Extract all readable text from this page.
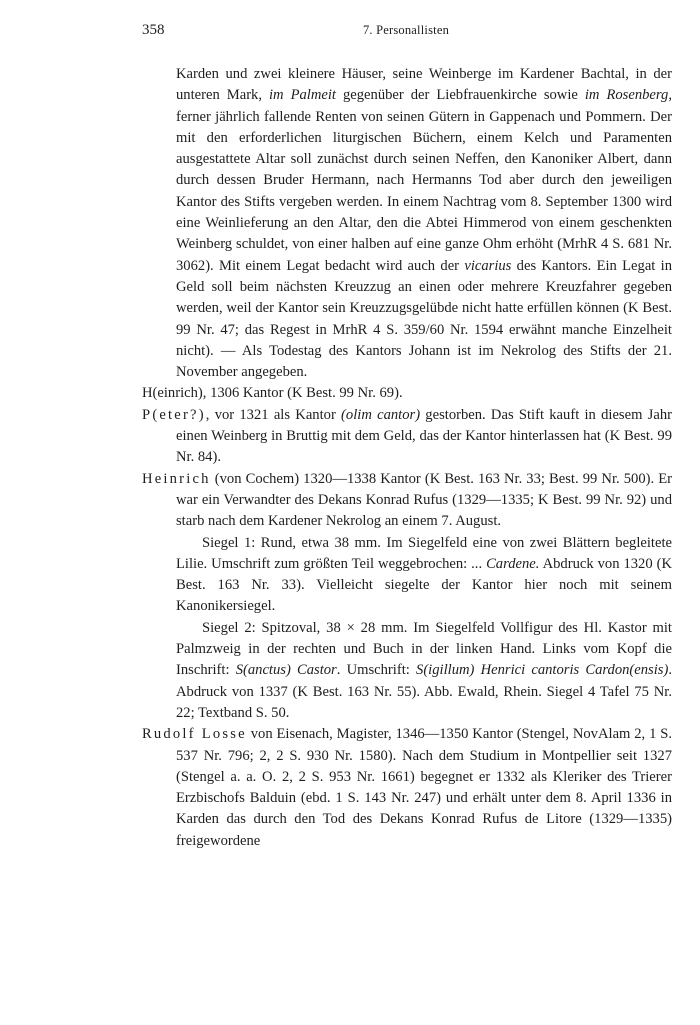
358	7. Personallisten

Karden und zwei kleinere Häuser, seine Weinberge im Kardener Bachtal, in der unteren Mark, im Palmeit gegenüber der Liebfrauenkirche sowie im Rosenberg, ferner jährlich fallende Renten von seinen Gütern in Gappenach und Pommern. Der mit den erforderlichen liturgischen Büchern, einem Kelch und Paramenten ausgestattete Altar soll zunächst durch seinen Neffen, den Kanoniker Albert, dann durch dessen Bruder Hermann, nach Hermanns Tod aber durch den jeweiligen Kantor des Stifts vergeben werden. In einem Nachtrag vom 8. September 1300 wird eine Weinlieferung an den Altar, den die Abtei Himmerod von einem geschenkten Weinberg schuldet, von einer halben auf eine ganze Ohm erhöht (MrhR 4 S. 681 Nr. 3062). Mit einem Legat bedacht wird auch der vicarius des Kantors. Ein Legat in Geld soll beim nächsten Kreuzzug an einen oder mehrere Kreuzfahrer gegeben werden, weil der Kantor sein Kreuzzugsgelübde nicht hatte erfüllen können (K Best. 99 Nr. 47; das Regest in MrhR 4 S. 359/60 Nr. 1594 erwähnt manche Einzelheit nicht). — Als Todestag des Kantors Johann ist im Nekrolog des Stifts der 21. November angegeben.

H(einrich), 1306 Kantor (K Best. 99 Nr. 69).

P(eter?), vor 1321 als Kantor (olim cantor) gestorben. Das Stift kauft in diesem Jahr einen Weinberg in Bruttig mit dem Geld, das der Kantor hinterlassen hat (K Best. 99 Nr. 84).

Heinrich (von Cochem) 1320—1338 Kantor (K Best. 163 Nr. 33; Best. 99 Nr. 500). Er war ein Verwandter des Dekans Konrad Rufus (1329—1335; K Best. 99 Nr. 92) und starb nach dem Kardener Nekrolog an einem 7. August.

Siegel 1: Rund, etwa 38 mm. Im Siegelfeld eine von zwei Blättern begleitete Lilie. Umschrift zum größten Teil weggebrochen: ... Cardene. Abdruck von 1320 (K Best. 163 Nr. 33). Vielleicht siegelte der Kantor hier noch mit seinem Kanonikersiegel.

Siegel 2: Spitzoval, 38 × 28 mm. Im Siegelfeld Vollfigur des Hl. Kastor mit Palmzweig in der rechten und Buch in der linken Hand. Links vom Kopf die Inschrift: S(anctus) Castor. Umschrift: S(igillum) Henrici cantoris Cardon(ensis). Abdruck von 1337 (K Best. 163 Nr. 55). Abb. Ewald, Rhein. Siegel 4 Tafel 75 Nr. 22; Textband S. 50.

Rudolf Losse von Eisenach, Magister, 1346—1350 Kantor (Stengel, NovAlam 2, 1 S. 537 Nr. 796; 2, 2 S. 930 Nr. 1580). Nach dem Studium in Montpellier seit 1327 (Stengel a. a. O. 2, 2 S. 953 Nr. 1661) begegnet er 1332 als Kleriker des Trierer Erzbischofs Balduin (ebd. 1 S. 143 Nr. 247) und erhält unter dem 8. April 1336 in Karden das durch den Tod des Dekans Konrad Rufus de Litore (1329—1335) freigewordene
